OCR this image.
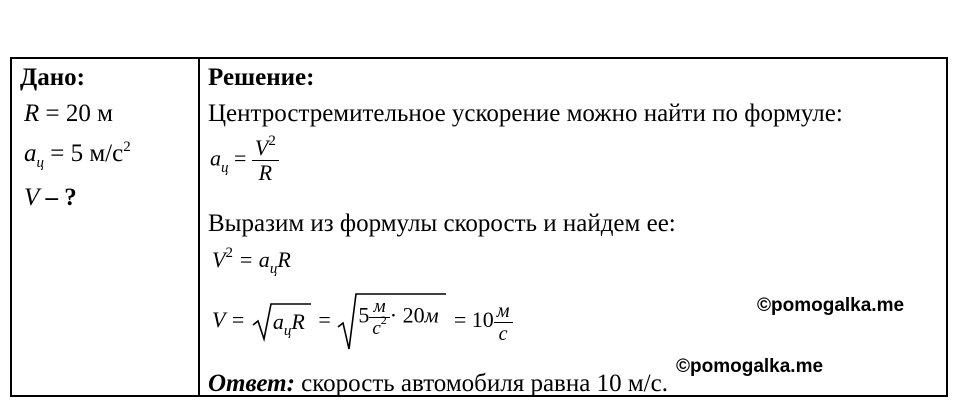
Дано:
R = 20 м
$a_ц = 5$ $м/с^2$
V – ?
Решение:
Центростремительное ускорение можно найти по формуле:
$a_ц = \frac{V^2}{R}$
Выразим из формулы скорость и найдем ее:
$V^2 = a_цR$
$V = a_цR = 5 \frac{м}{c^2} \cdot 20м = 10 \frac{м}{c}$
Ответ: скорость автомобиля равна 10 м/с.
©pomogalka.me
©pomogalka.me
